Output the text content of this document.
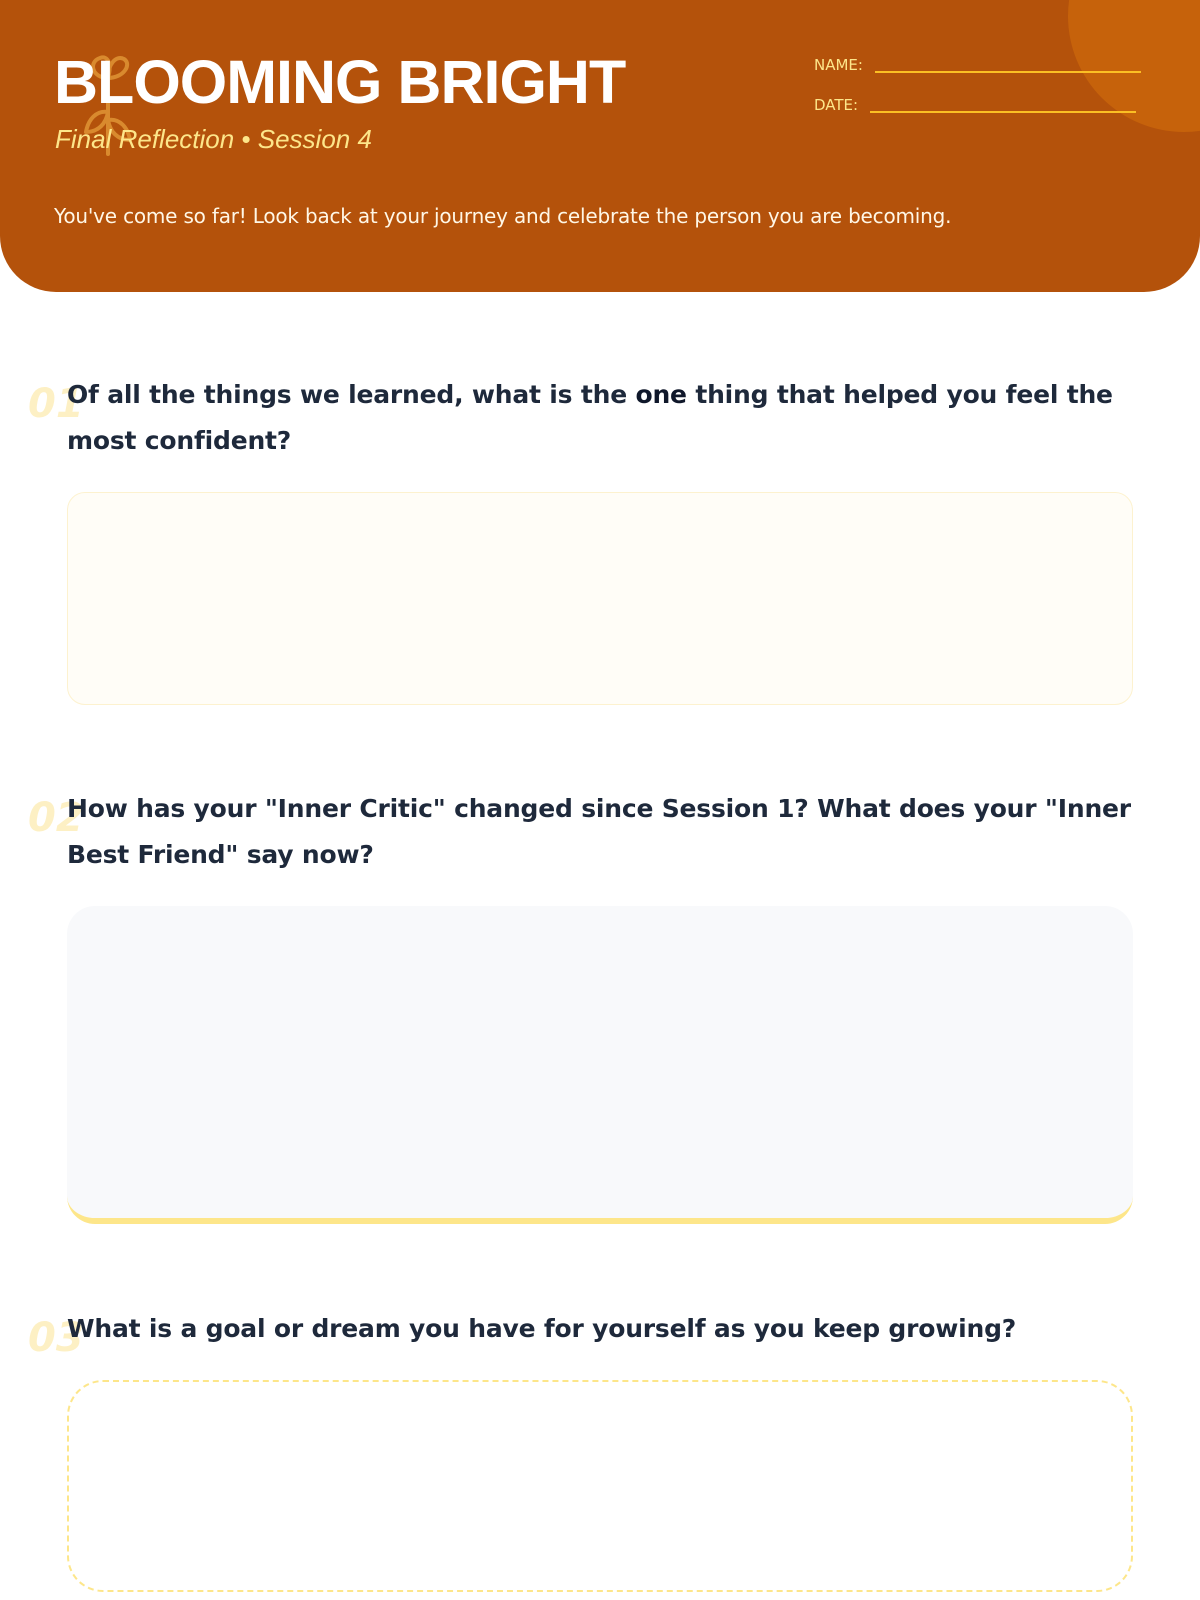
BLOOMING BRIGHT
Final Reflection • Session 4
NAME:
DATE:
You've come so far! Look back at your journey and celebrate the person you are becoming.
01

Of all the things we learned, what is the one thing that helped you feel the most confident?

02

How has your "Inner Critic" changed since Session 1? What does your "Inner Best Friend" say now?

03

What is a goal or dream you have for yourself as you keep growing?
